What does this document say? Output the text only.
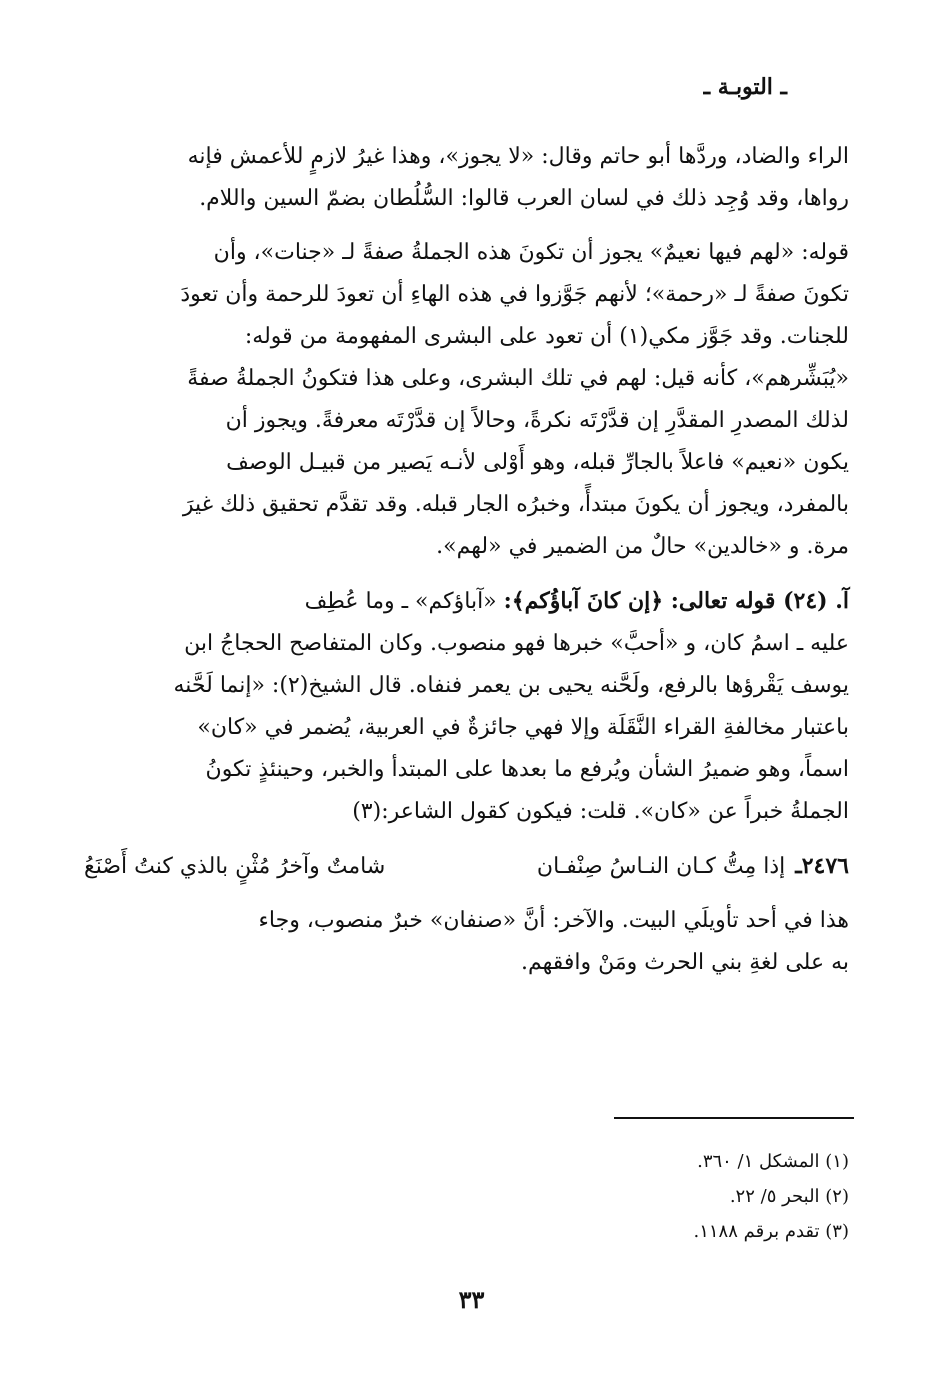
ـ التوبـة ـ

الراء والضاد، وردَّها أبو حاتم وقال: «لا يجوز»، وهذا غيرُ لازمٍ للأعمش فإنه

رواها، وقد وُجِد ذلك في لسان العرب قالوا: السُّلُطان بضمّ السين واللام.

قوله: «لهم فيها نعيمٌ» يجوز أن تكونَ هذه الجملةُ صفةً لـ «جنات»، وأن

تكونَ صفةً لـ «رحمة»؛ لأنهم جَوَّزوا في هذه الهاءِ أن تعودَ للرحمة وأن تعودَ

للجنات. وقد جَوَّز مكي(١) أن تعود على البشرى المفهومة من قوله:

«يُبَشِّرهم»، كأنه قيل: لهم في تلك البشرى، وعلى هذا فتكونُ الجملةُ صفةً

لذلك المصدرِ المقدَّرِ إن قدَّرْتَه نكرةً، وحالاً إن قدَّرْتَه معرفةً. ويجوز أن

يكون «نعيم» فاعلاً بالجارِّ قبله، وهو أَوْلى لأنـه يَصير من قبيـل الوصف

بالمفرد، ويجوز أن يكونَ مبتدأً، وخبرُه الجار قبله. وقد تقدَّم تحقيق ذلك غيرَ

مرة. و «خالدين» حالٌ من الضمير في «لهم».

آ. (٢٤) قوله تعالى: ﴿إن كانَ آباؤُكم﴾: «آباؤكم» ـ وما عُطِف

عليه ـ اسمُ كان، و «أحبَّ» خبرها فهو منصوب. وكان المتفاصح الحجاجُ ابن

يوسف يَقْرؤها بالرفع، ولَحَّنه يحيى بن يعمر فنفاه. قال الشيخ(٢): «إنما لَحَّنه

باعتبار مخالفةِ القراء النَّقَلَة وإلا فهي جائزةٌ في العربية، يُضمر في «كان»

اسماً، وهو ضميرُ الشأن ويُرفع ما بعدها على المبتدأ والخبر، وحينئذٍ تكونُ

الجملةُ خبراً عن «كان». قلت: فيكون كقول الشاعر:(٣)

٢٤٧٦ـ
إذا مِتُّ كـان النـاسُ صِنْفـان
شامتٌ وآخرُ مُثْنٍ بالذي كنتُ أَصْنَعُ

هذا في أحد تأويلَي البيت. والآخر: أنَّ «صنفان» خبرٌ منصوب، وجاء

به على لغةِ بني الحرث ومَنْ وافقهم.

(١) المشكل ١/ ٣٦٠.

(٢) البحر ٥/ ٢٢.

(٣) تقدم برقم ١١٨٨.

٣٣
